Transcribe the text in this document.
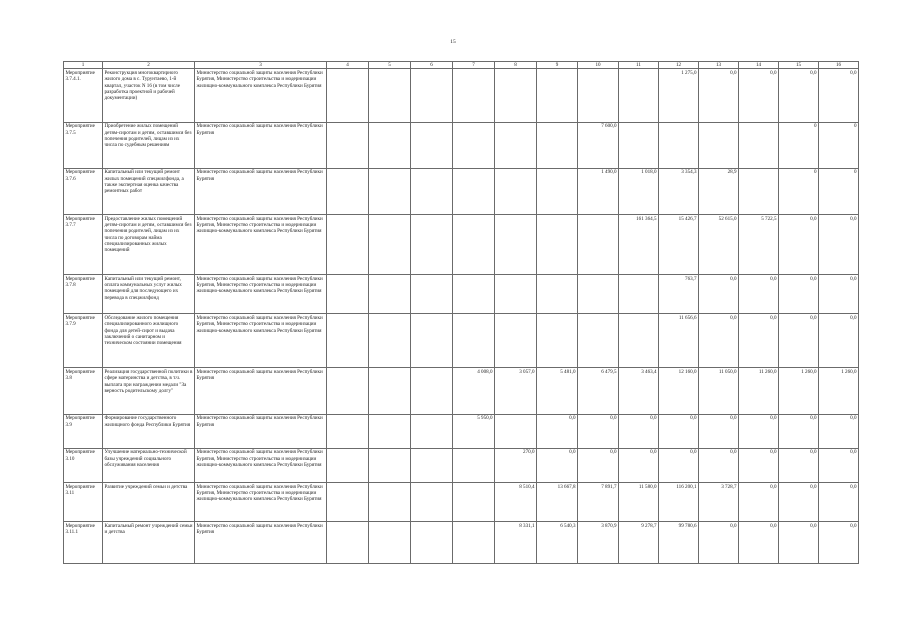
15
1	2	3	4	5	6	7	8	9	10	11	12	13	14	15	16
Мероприятие 3.7.4.1.	Реконструкция многоквартирного жилого дома в с. Турунтаево, 1-й квартал, участок N 16 (в том числе разработка проектной и рабочей документации)	Министерство социальной защиты населения Республики Бурятия, Министерство строительства и модернизации жилищно-коммунального комплекса Республики Бурятия									1 275,0	0,0	0,0	0,0	0,0
Мероприятие 3.7.5	Приобретение жилых помещений детям-сиротам и детям, оставшимся без попечения родителей, лицам из их числа по судебным решениям	Министерство социальной защиты населения Республики Бурятия							7 600,0					0	0
Мероприятие 3.7.6	Капитальный или текущий ремонт жилых помещений спецжилфонда, а также экспертная оценка качества ремонтных работ	Министерство социальной защиты населения Республики Бурятия							1 490,0	1 018,0	3 354,3	28,9		0	0
Мероприятие 3.7.7	Предоставление жилых помещений детям-сиротам и детям, оставшимся без попечения родителей, лицам из их числа по договорам найма специализированных жилых помещений	Министерство социальной защиты населения Республики Бурятия, Министерство строительства и модернизации жилищно-коммунального комплекса Республики Бурятия								161 364,5	15 426,7	52 615,0	5 722,5	0,0	0,0
Мероприятие 3.7.8	Капитальный или текущий ремонт, оплата коммунальных услуг жилых помещений для последующего их перевода в спецжилфонд	Министерство социальной защиты населения Республики Бурятия, Министерство строительства и модернизации жилищно-коммунального комплекса Республики Бурятия									763,7	0,0	0,0	0,0	0,0
Мероприятие 3.7.9	Обследование жилого помещения специализированного жилищного фонда для детей-сирот и выдача заключений о санитарном и техническом состоянии помещения	Министерство социальной защиты населения Республики Бурятия, Министерство строительства и модернизации жилищно-коммунального комплекса Республики Бурятия									11 656,6	0,0	0,0	0,0	0,0
Мероприятие 3.8	Реализация государственной политики в сфере материнства и детства, в т.ч. выплата при награждении медали "За верность родительскому долгу"	Министерство социальной защиты населения Республики Бурятия				4 008,0	3 057,0	5 481,0	6 479,5	3 463,4	12 160,0	11 050,0	11 260,0	1 260,0	1 260,0
Мероприятие 3.9	Формирование государственного жилищного фонда Республики Бурятия	Министерство социальной защиты населения Республики Бурятия				5 950,0		0,0	0,0	0,0	0,0	0,0	0,0	0,0	0,0
Мероприятие 3.10	Улучшение материально-технической базы учреждений социального обслуживания населения	Министерство социальной защиты населения Республики Бурятия, Министерство строительства и модернизации жилищно-коммунального комплекса Республики Бурятия					270,0	0,0	0,0	0,0	0,0	0,0	0,0	0,0	0,0
Мероприятие 3.11	Развитие учреждений семьи и детства	Министерство социальной защиты населения Республики Бурятия, Министерство строительства и модернизации жилищно-коммунального комплекса Республики Бурятия					8 510,4	13 667,8	7 891,7	11 580,0	116 200,1	3 728,7	0,0	0,0	0,0
Мероприятие 3.11.1	Капитальный ремонт учреждений семьи и детства	Министерство социальной защиты населения Республики Бурятия					8 331,1	6 540,3	3 870,9	9 278,7	99 780,6	0,0	0,0	0,0	0,0
